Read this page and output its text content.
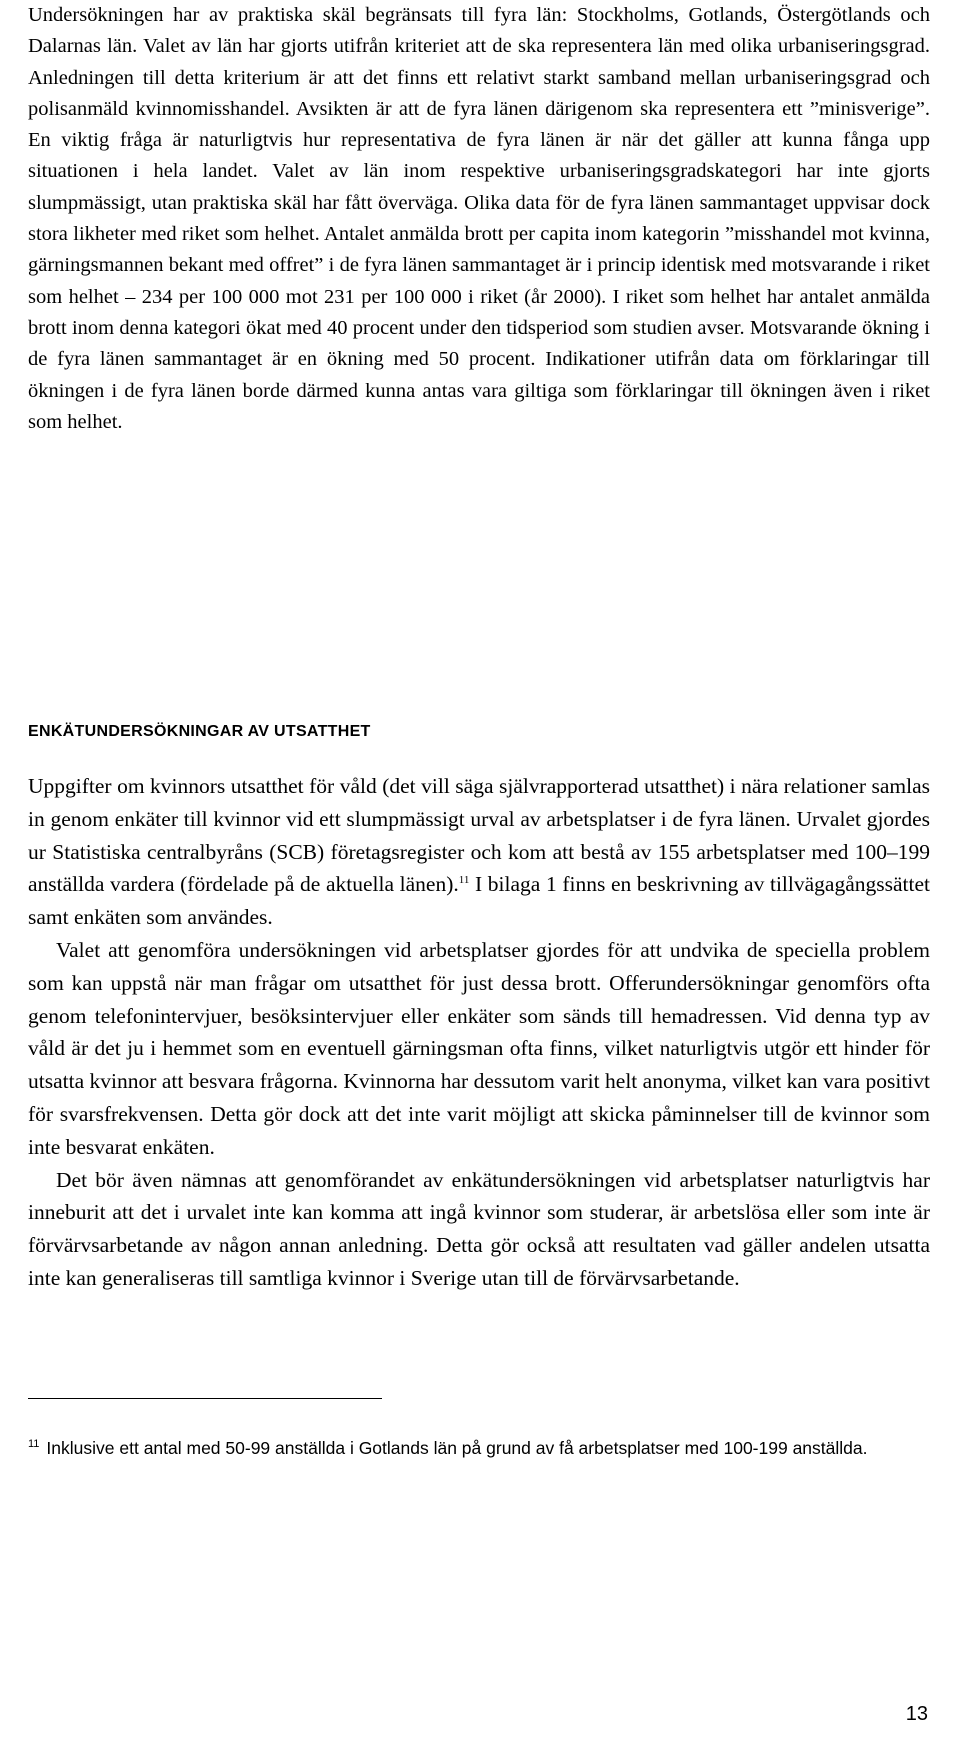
Undersökningen har av praktiska skäl begränsats till fyra län: Stockholms, Gotlands, Östergötlands och Dalarnas län. Valet av län har gjorts utifrån kriteriet att de ska representera län med olika urbaniseringsgrad. Anledningen till detta kriterium är att det finns ett relativt starkt samband mellan urbaniseringsgrad och polisanmäld kvinnomisshandel. Avsikten är att de fyra länen därigenom ska representera ett ”minisverige”. En viktig fråga är naturligtvis hur representativa de fyra länen är när det gäller att kunna fånga upp situationen i hela landet. Valet av län inom respektive urbaniseringsgradskategori har inte gjorts slumpmässigt, utan praktiska skäl har fått överväga. Olika data för de fyra länen sammantaget uppvisar dock stora likheter med riket som helhet. Antalet anmälda brott per capita inom kategorin ”misshandel mot kvinna, gärningsmannen bekant med offret” i de fyra länen sammantaget är i princip identisk med motsvarande i riket som helhet – 234 per 100 000 mot 231 per 100 000 i riket (år 2000). I riket som helhet har antalet anmälda brott inom denna kategori ökat med 40 procent under den tidsperiod som studien avser. Motsvarande ökning i de fyra länen sammantaget är en ökning med 50 procent. Indikationer utifrån data om förklaringar till ökningen i de fyra länen borde därmed kunna antas vara giltiga som förklaringar till ökningen även i riket som helhet.

ENKÄTUNDERSÖKNINGAR AV UTSATTHET

Uppgifter om kvinnors utsatthet för våld (det vill säga självrapporterad utsatthet) i nära relationer samlas in genom enkäter till kvinnor vid ett slumpmässigt urval av arbetsplatser i de fyra länen. Urvalet gjordes ur Statistiska centralbyråns (SCB) företagsregister och kom att bestå av 155 arbetsplatser med 100–199 anställda vardera (fördelade på de aktuella länen).$^{11}$ I bilaga 1 finns en beskrivning av tillvägagångssättet samt enkäten som användes.

Valet att genomföra undersökningen vid arbetsplatser gjordes för att undvika de speciella problem som kan uppstå när man frågar om utsatthet för just dessa brott. Offerundersökningar genomförs ofta genom telefonintervjuer, besöksintervjuer eller enkäter som sänds till hemadressen. Vid denna typ av våld är det ju i hemmet som en eventuell gärningsman ofta finns, vilket naturligtvis utgör ett hinder för utsatta kvinnor att besvara frågorna. Kvinnorna har dessutom varit helt anonyma, vilket kan vara positivt för svarsfrekvensen. Detta gör dock att det inte varit möjligt att skicka påminnelser till de kvinnor som inte besvarat enkäten.

Det bör även nämnas att genomförandet av enkätundersökningen vid arbetsplatser naturligtvis har inneburit att det i urvalet inte kan komma att ingå kvinnor som studerar, är arbetslösa eller som inte är förvärvsarbetande av någon annan anledning. Detta gör också att resultaten vad gäller andelen utsatta inte kan generaliseras till samtliga kvinnor i Sverige utan till de förvärvsarbetande.

$^{11}$ Inklusive ett antal med 50-99 anställda i Gotlands län på grund av få arbetsplatser med 100-199 anställda.

13
